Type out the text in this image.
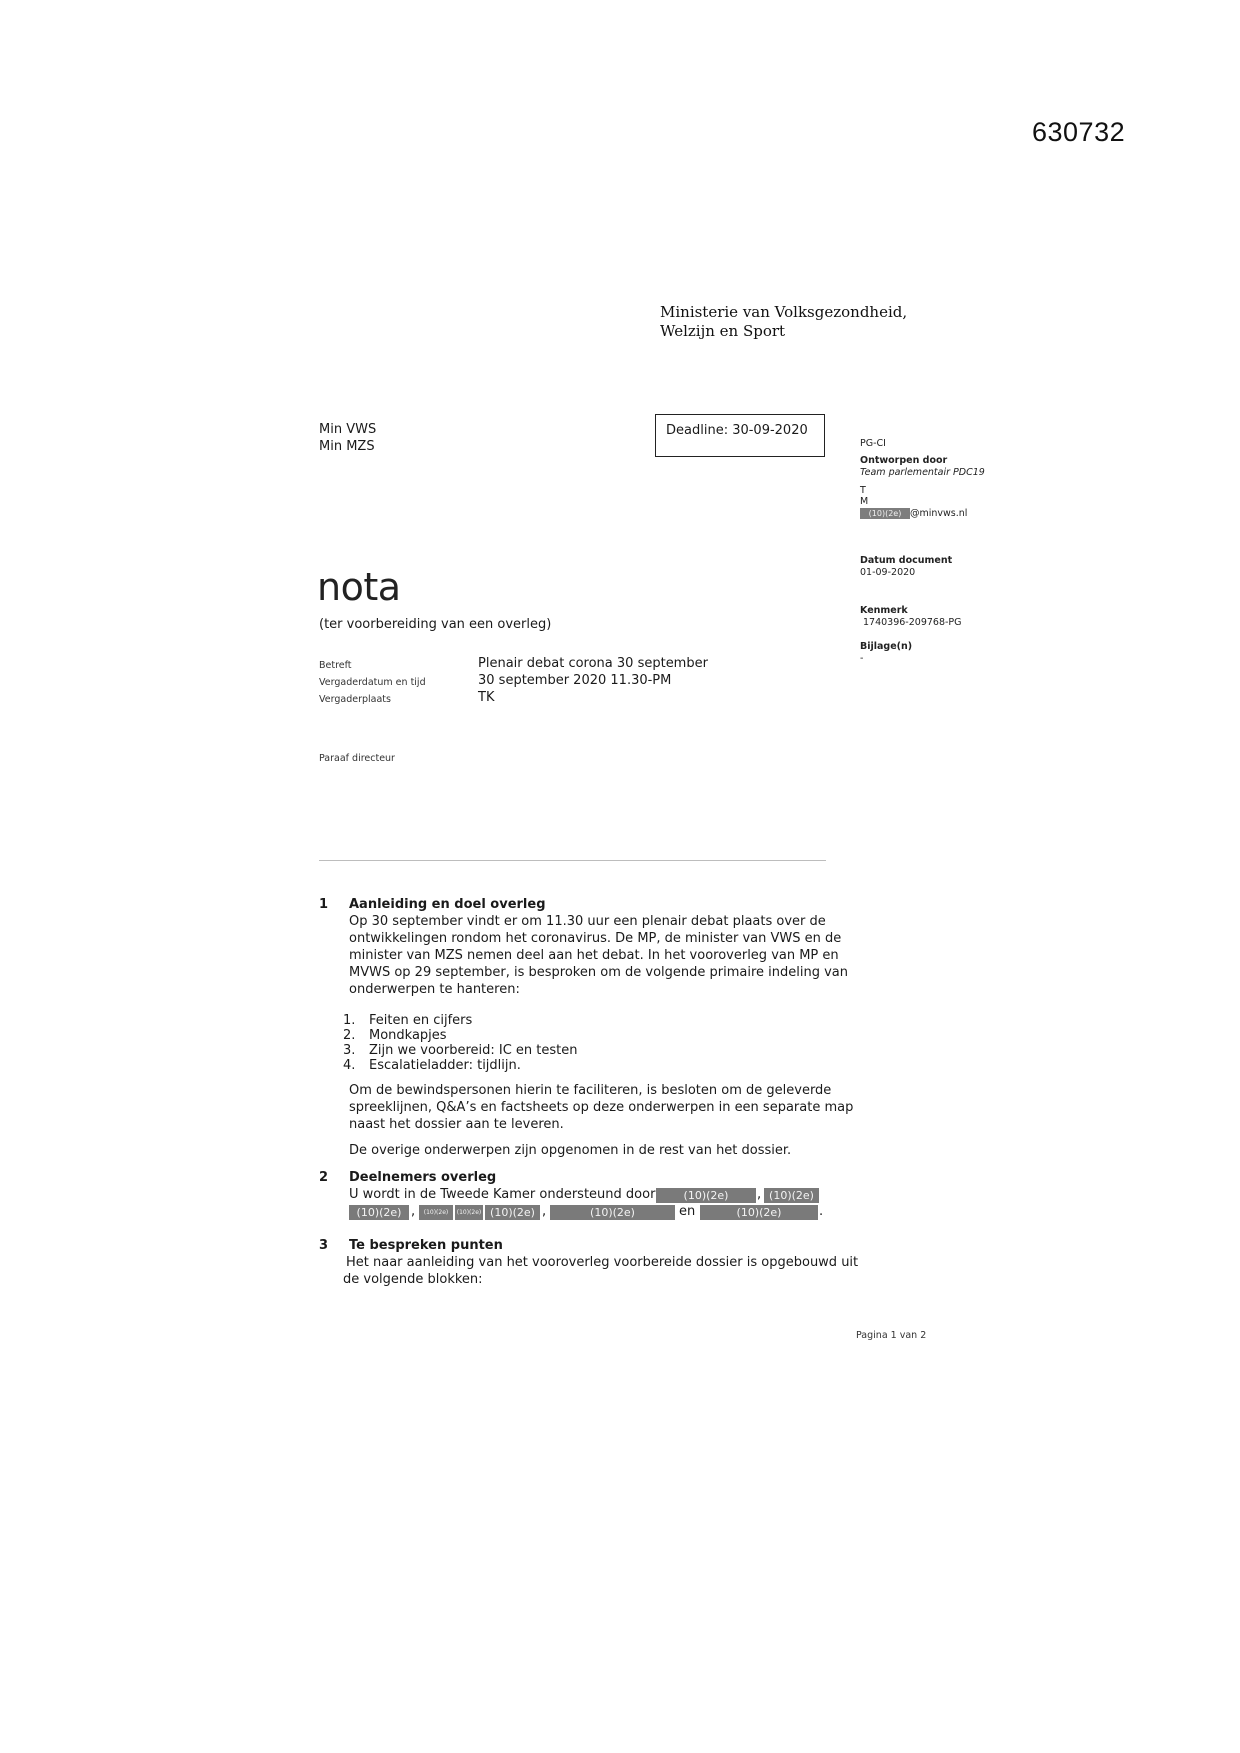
630732
Ministerie van Volksgezondheid,
Welzijn en Sport
Min VWS
Min MZS
Deadline: 30-09-2020
PG-CI
Ontworpen door
Team parlementair PDC19
T
M
(10)(2e) @minvws.nl
Datum document
01-09-2020
Kenmerk
1740396-209768-PG
Bijlage(n)
-
nota
(ter voorbereiding van een overleg)
Betreft	Plenair debat corona 30 september
Vergaderdatum en tijd	30 september 2020 11.30-PM
Vergaderplaats	TK
Paraaf directeur
1 Aanleiding en doel overleg
Op 30 september vindt er om 11.30 uur een plenair debat plaats over de
ontwikkelingen rondom het coronavirus. De MP, de minister van VWS en de
minister van MZS nemen deel aan het debat. In het vooroverleg van MP en
MVWS op 29 september, is besproken om de volgende primaire indeling van
onderwerpen te hanteren:
1. Feiten en cijfers
2. Mondkapjes
3. Zijn we voorbereid: IC en testen
4. Escalatieladder: tijdlijn.
Om de bewindspersonen hierin te faciliteren, is besloten om de geleverde
spreeklijnen, Q&A’s en factsheets op deze onderwerpen in een separate map
naast het dossier aan te leveren.
De overige onderwerpen zijn opgenomen in de rest van het dossier.
2 Deelnemers overleg
U wordt in de Tweede Kamer ondersteund door	(10)(2e)	, (10)(2e)
(10)(2e) ,	(10)(2e)	(10)(2e) (10)(2e) ,	(10)(2e)	en	(10)(2e)	.
3 Te bespreken punten
Het naar aanleiding van het vooroverleg voorbereide dossier is opgebouwd uit
de volgende blokken:
Pagina 1 van 2
